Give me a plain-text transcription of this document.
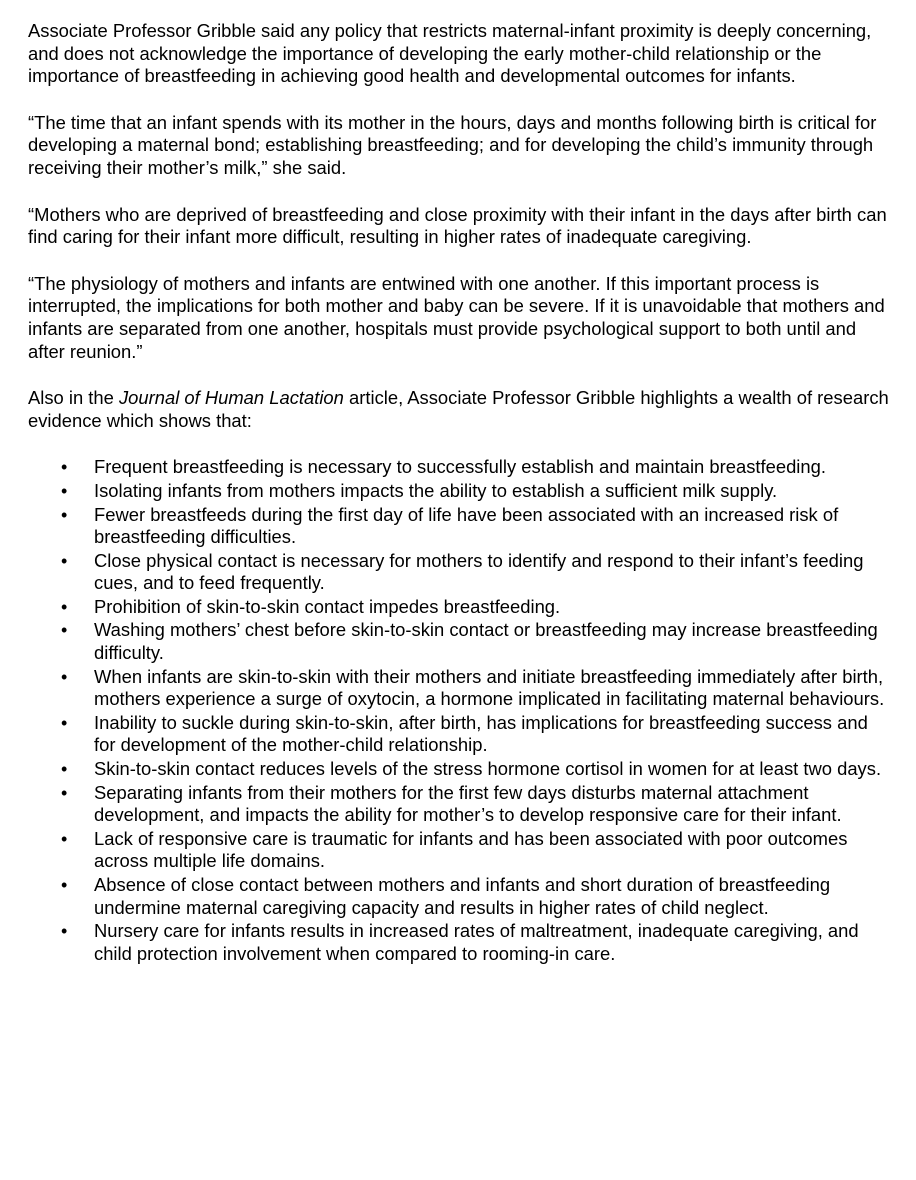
Associate Professor Gribble said any policy that restricts maternal-infant proximity is deeply concerning, and does not acknowledge the importance of developing the early mother-child relationship or the importance of breastfeeding in achieving good health and developmental outcomes for infants.

“The time that an infant spends with its mother in the hours, days and months following birth is critical for developing a maternal bond; establishing breastfeeding; and for developing the child’s immunity through receiving their mother’s milk,” she said.

“Mothers who are deprived of breastfeeding and close proximity with their infant in the days after birth can find caring for their infant more difficult, resulting in higher rates of inadequate caregiving.

“The physiology of mothers and infants are entwined with one another. If this important process is interrupted, the implications for both mother and baby can be severe. If it is unavoidable that mothers and infants are separated from one another, hospitals must provide psychological support to both until and after reunion.”

Also in the Journal of Human Lactation article, Associate Professor Gribble highlights a wealth of research evidence which shows that:

• Frequent breastfeeding is necessary to successfully establish and maintain breastfeeding.
• Isolating infants from mothers impacts the ability to establish a sufficient milk supply.
• Fewer breastfeeds during the first day of life have been associated with an increased risk of breastfeeding difficulties.
• Close physical contact is necessary for mothers to identify and respond to their infant’s feeding cues, and to feed frequently.
• Prohibition of skin-to-skin contact impedes breastfeeding.
• Washing mothers’ chest before skin-to-skin contact or breastfeeding may increase breastfeeding difficulty.
• When infants are skin-to-skin with their mothers and initiate breastfeeding immediately after birth, mothers experience a surge of oxytocin, a hormone implicated in facilitating maternal behaviours.
• Inability to suckle during skin-to-skin, after birth, has implications for breastfeeding success and for development of the mother-child relationship.
• Skin-to-skin contact reduces levels of the stress hormone cortisol in women for at least two days.
• Separating infants from their mothers for the first few days disturbs maternal attachment development, and impacts the ability for mother’s to develop responsive care for their infant.
• Lack of responsive care is traumatic for infants and has been associated with poor outcomes across multiple life domains.
• Absence of close contact between mothers and infants and short duration of breastfeeding undermine maternal caregiving capacity and results in higher rates of child neglect.
• Nursery care for infants results in increased rates of maltreatment, inadequate caregiving, and child protection involvement when compared to rooming-in care.
